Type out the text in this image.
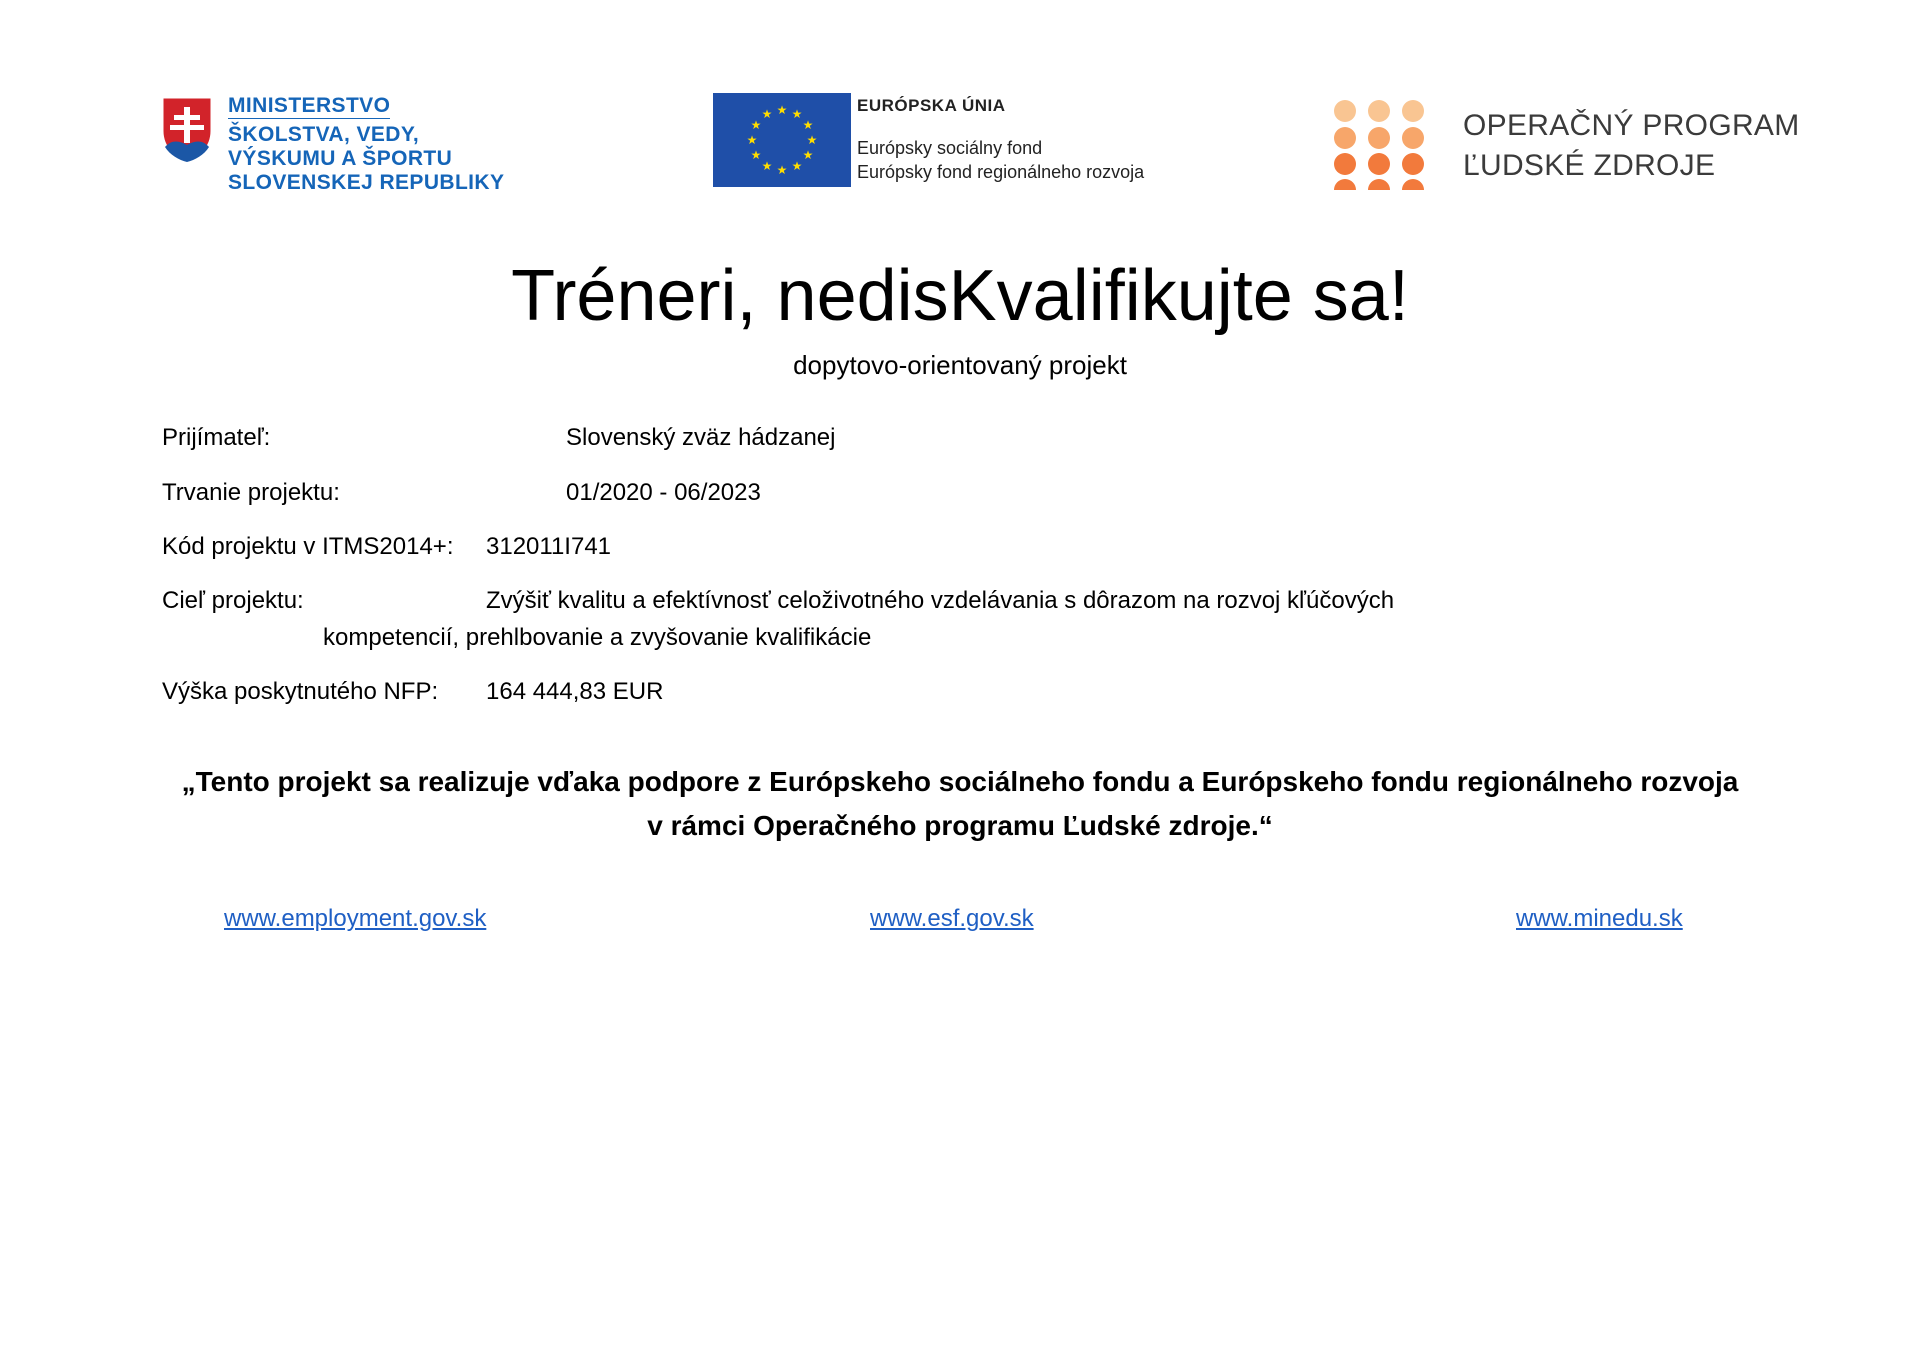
MINISTERSTVO
ŠKOLSTVA, VEDY,
VÝSKUMU A ŠPORTU
SLOVENSKEJ REPUBLIKY
★ ★
★
★
★
★
★
★
★
★
★
★	EURÓPSKA ÚNIA
Európsky sociálny fond
Európsky fond regionálneho rozvoja
OPERAČNÝ PROGRAM
ĽUDSKÉ ZDROJE
Tréneri, nedisKvalifikujte sa!
dopytovo-orientovaný projekt
Prijímateľ:	Slovenský zväz hádzanej
Trvanie projektu:	01/2020 - 06/2023
Kód projektu v ITMS2014+: 312011I741
Cieľ projektu:	Zvýšiť kvalitu a efektívnosť celoživotného vzdelávania s dôrazom na rozvoj kľúčových
kompetencií, prehlbovanie a zvyšovanie kvalifikácie
Výška poskytnutého NFP: 164 444,83 EUR
„Tento projekt sa realizuje vďaka podpore z Európskeho sociálneho fondu a Európskeho fondu regionálneho rozvoja
v rámci Operačného programu Ľudské zdroje.“
www.employment.gov.sk	www.esf.gov.sk	www.minedu.sk
